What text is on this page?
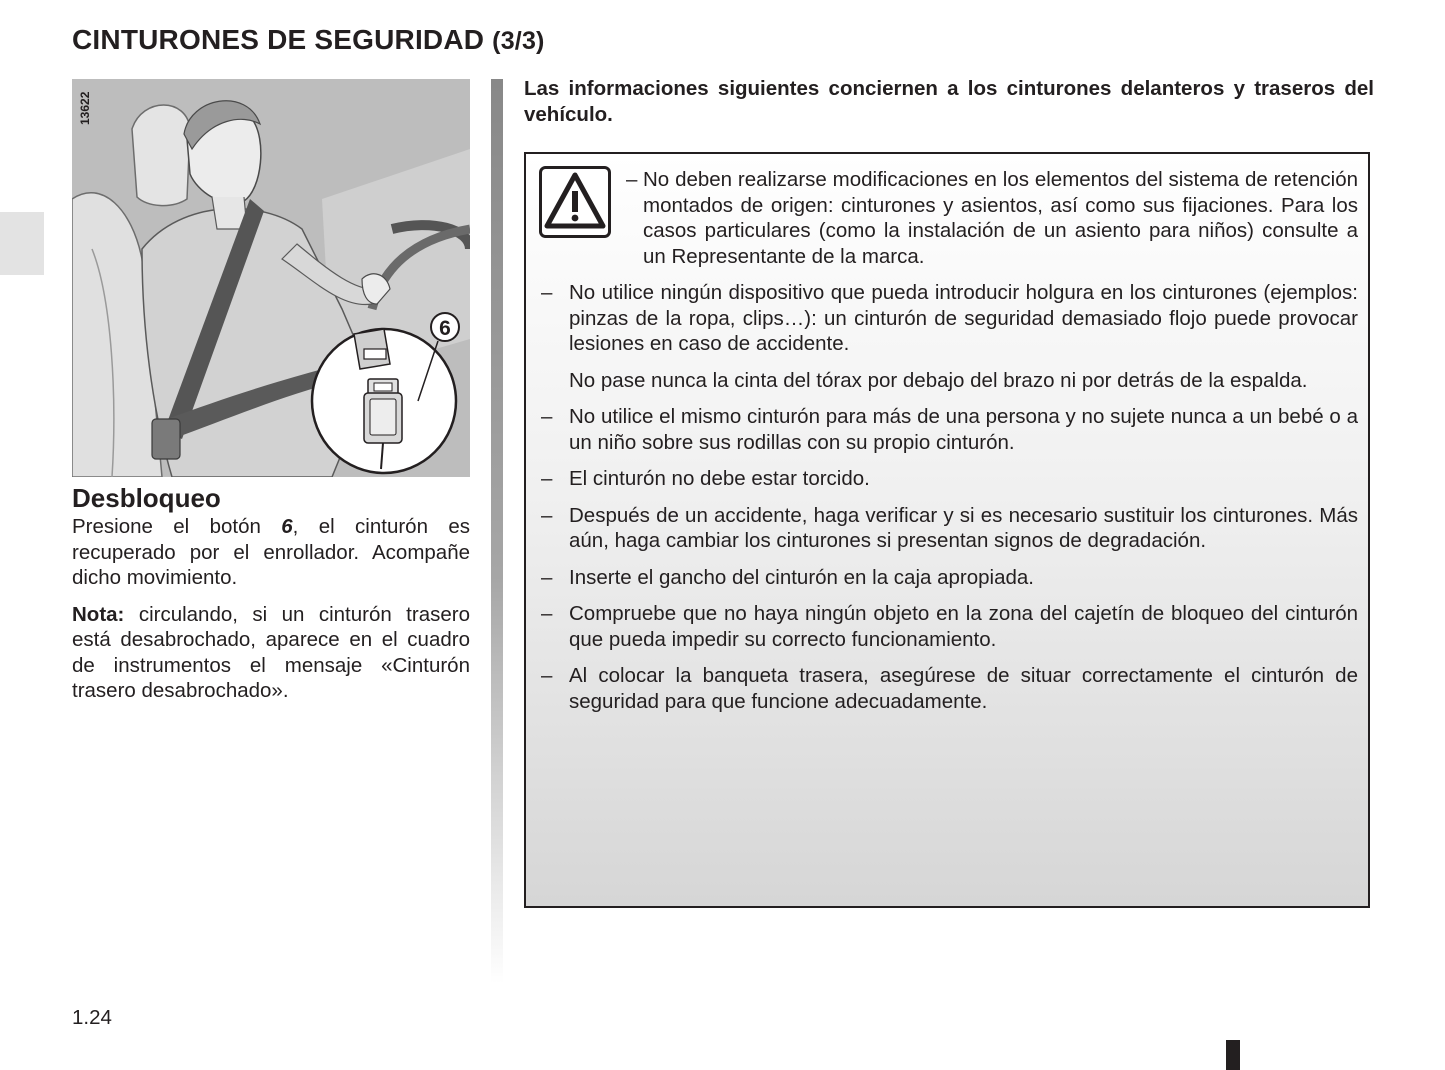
CINTURONES DE SEGURIDAD (3/3)
13622
6
Desbloqueo

Presione el botón 6, el cinturón es recuperado por el enrollador. Acompañe dicho movimiento.

Nota: circulando, si un cinturón trasero está desabrochado, aparece en el cuadro de instrumentos el mensaje «Cinturón trasero desabrochado».

Las informaciones siguientes conciernen a los cinturones delanteros y traseros del vehículo.

– No deben realizarse modificaciones en los elementos del sistema de retención montados de origen: cinturones y asientos, así como sus fijaciones. Para los casos particulares (como la instalación de un asiento para niños) consulte a un Representante de la marca.
– No utilice ningún dispositivo que pueda introducir holgura en los cinturones (ejemplos: pinzas de la ropa, clips…): un cinturón de seguridad demasiado flojo puede provocar lesiones en caso de accidente.
No pase nunca la cinta del tórax por debajo del brazo ni por detrás de la espalda.
– No utilice el mismo cinturón para más de una persona y no sujete nunca a un bebé o a un niño sobre sus rodillas con su propio cinturón.
– El cinturón no debe estar torcido.
– Después de un accidente, haga verificar y si es necesario sustituir los cinturones. Más aún, haga cambiar los cinturones si presentan signos de degradación.
– Inserte el gancho del cinturón en la caja apropiada.
– Compruebe que no haya ningún objeto en la zona del cajetín de bloqueo del cinturón que pueda impedir su correcto funcionamiento.
– Al colocar la banqueta trasera, asegúrese de situar correctamente el cinturón de seguridad para que funcione adecuadamente.
1.24
